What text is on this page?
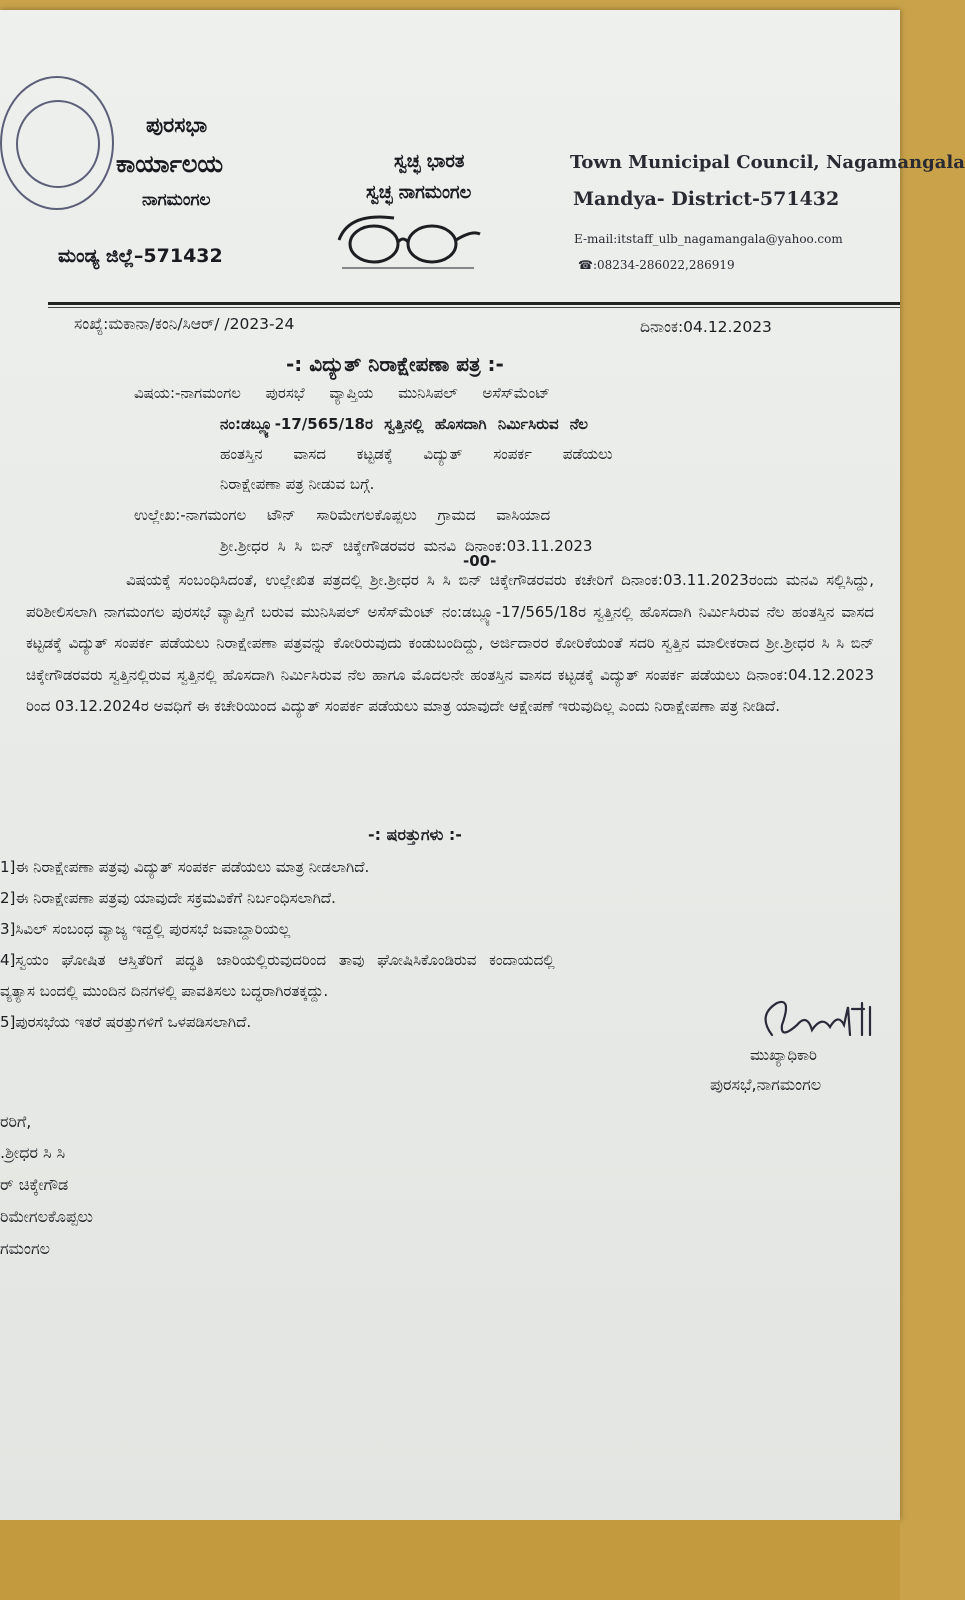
ಪುರಸಭಾ
ಕಾರ್ಯಾಲಯ
ನಾಗಮಂಗಲ
ಮಂಡ್ಯ ಜಿಲ್ಲೆ–571432
ಸ್ವಚ್ಛ ಭಾರತ
ಸ್ವಚ್ಛ ನಾಗಮಂಗಲ
Town Municipal Council, Nagamangala
Mandya- District-571432
E-mail:itstaff_ulb_nagamangala@yahoo.com
☎:08234-286022,286919
ಸಂಖ್ಯೆ:ಮಕಾನಾ/ಕಂನಿ/ಸಿಆರ್/ /2023-24	ದಿನಾಂಕ:04.12.2023
-: ವಿದ್ಯುತ್ ನಿರಾಕ್ಷೇಪಣಾ ಪತ್ರ :-
ವಿಷಯ:-ನಾಗಮಂಗಲ ಪುರಸಭೆ ವ್ಯಾಪ್ತಿಯ ಮುನಿಸಿಪಲ್ ಅಸೆಸ್‌ಮೆಂಟ್
ನಂ:ಡಬ್ಲ್ಯೂ-17/565/18ರ ಸ್ವತ್ತಿನಲ್ಲಿ ಹೊಸದಾಗಿ ನಿರ್ಮಿಸಿರುವ ನೆಲ
ಹಂತಸ್ತಿನ ವಾಸದ ಕಟ್ಟಡಕ್ಕೆ ವಿದ್ಯುತ್ ಸಂಪರ್ಕ ಪಡೆಯಲು
ನಿರಾಕ್ಷೇಪಣಾ ಪತ್ರ ನೀಡುವ ಬಗ್ಗೆ.
ಉಲ್ಲೇಖ:-ನಾಗಮಂಗಲ ಟೌನ್ ಸಾರಿಮೇಗಲಕೊಪ್ಪಲು ಗ್ರಾಮದ ವಾಸಿಯಾದ
ಶ್ರೀ.ಶ್ರೀಧರ ಸಿ ಸಿ ಬಿನ್ ಚಿಕ್ಕೇಗೌಡರವರ ಮನವಿ ದಿನಾಂಕ:03.11.2023
-00-

ವಿಷಯಕ್ಕೆ ಸಂಬಂಧಿಸಿದಂತೆ, ಉಲ್ಲೇಖಿತ ಪತ್ರದಲ್ಲಿ ಶ್ರೀ.ಶ್ರೀಧರ ಸಿ ಸಿ ಬಿನ್ ಚಿಕ್ಕೇಗೌಡರವರು ಕಚೇರಿಗೆ ದಿನಾಂಕ:03.11.2023ರಂದು ಮನವಿ ಸಲ್ಲಿಸಿದ್ದು, ಪರಿಶೀಲಿಸಲಾಗಿ ನಾಗಮಂಗಲ ಪುರಸಭೆ ವ್ಯಾಪ್ತಿಗೆ ಬರುವ ಮುನಿಸಿಪಲ್ ಅಸೆಸ್‌ಮೆಂಟ್ ನಂ:ಡಬ್ಲ್ಯೂ-17/565/18ರ ಸ್ವತ್ತಿನಲ್ಲಿ ಹೊಸದಾಗಿ ನಿರ್ಮಿಸಿರುವ ನೆಲ ಹಂತಸ್ತಿನ ವಾಸದ ಕಟ್ಟಡಕ್ಕೆ ವಿದ್ಯುತ್ ಸಂಪರ್ಕ ಪಡೆಯಲು ನಿರಾಕ್ಷೇಪಣಾ ಪತ್ರವನ್ನು ಕೋರಿರುವುದು ಕಂಡುಬಂದಿದ್ದು, ಅರ್ಜಿದಾರರ ಕೋರಿಕೆಯಂತೆ ಸದರಿ ಸ್ವತ್ತಿನ ಮಾಲೀಕರಾದ ಶ್ರೀ.ಶ್ರೀಧರ ಸಿ ಸಿ ಬಿನ್ ಚಿಕ್ಕೇಗೌಡರವರು ಸ್ವತ್ತಿನಲ್ಲಿರುವ ಸ್ವತ್ತಿನಲ್ಲಿ ಹೊಸದಾಗಿ ನಿರ್ಮಿಸಿರುವ ನೆಲ ಹಾಗೂ ಮೊದಲನೇ ಹಂತಸ್ತಿನ ವಾಸದ ಕಟ್ಟಡಕ್ಕೆ ವಿದ್ಯುತ್ ಸಂಪರ್ಕ ಪಡೆಯಲು ದಿನಾಂಕ:04.12.2023 ರಿಂದ 03.12.2024ರ ಅವಧಿಗೆ ಈ ಕಚೇರಿಯಿಂದ ವಿದ್ಯುತ್ ಸಂಪರ್ಕ ಪಡೆಯಲು ಮಾತ್ರ ಯಾವುದೇ ಆಕ್ಷೇಪಣೆ ಇರುವುದಿಲ್ಲ ಎಂದು ನಿರಾಕ್ಷೇಪಣಾ ಪತ್ರ ನೀಡಿದೆ.

-: ಷರತ್ತುಗಳು :-
1]ಈ ನಿರಾಕ್ಷೇಪಣಾ ಪತ್ರವು ವಿದ್ಯುತ್ ಸಂಪರ್ಕ ಪಡೆಯಲು ಮಾತ್ರ ನೀಡಲಾಗಿದೆ.
2]ಈ ನಿರಾಕ್ಷೇಪಣಾ ಪತ್ರವು ಯಾವುದೇ ಸಕ್ರಮವಿಕೆಗೆ ನಿರ್ಬಂಧಿಸಲಾಗಿದೆ.
3]ಸಿವಿಲ್ ಸಂಬಂಧ ವ್ಯಾಜ್ಯ ಇದ್ದಲ್ಲಿ ಪುರಸಭೆ ಜವಾಬ್ದಾರಿಯಲ್ಲ
4]ಸ್ವಯಂ ಘೋಷಿತ ಆಸ್ತಿತೆರಿಗೆ ಪದ್ಧತಿ ಜಾರಿಯಲ್ಲಿರುವುದರಿಂದ ತಾವು ಘೋಷಿಸಿಕೊಂಡಿರುವ ಕಂದಾಯದಲ್ಲಿ
ವ್ಯತ್ಯಾಸ ಬಂದಲ್ಲಿ ಮುಂದಿನ ದಿನಗಳಲ್ಲಿ ಪಾವತಿಸಲು ಬದ್ಧರಾಗಿರತಕ್ಕದ್ದು.
5]ಪುರಸಭೆಯ ಇತರೆ ಷರತ್ತುಗಳಿಗೆ ಒಳಪಡಿಸಲಾಗಿದೆ.
ಮುಖ್ಯಾಧಿಕಾರಿ
ಪುರಸಭೆ,ನಾಗಮಂಗಲ
ರರಿಗೆ,
.ಶ್ರೀಧರ ಸಿ ಸಿ
ರ್ ಚಿಕ್ಕೇಗೌಡ
ರಿಮೇಗಲಕೊಪ್ಪಲು
ಗಮಂಗಲ
